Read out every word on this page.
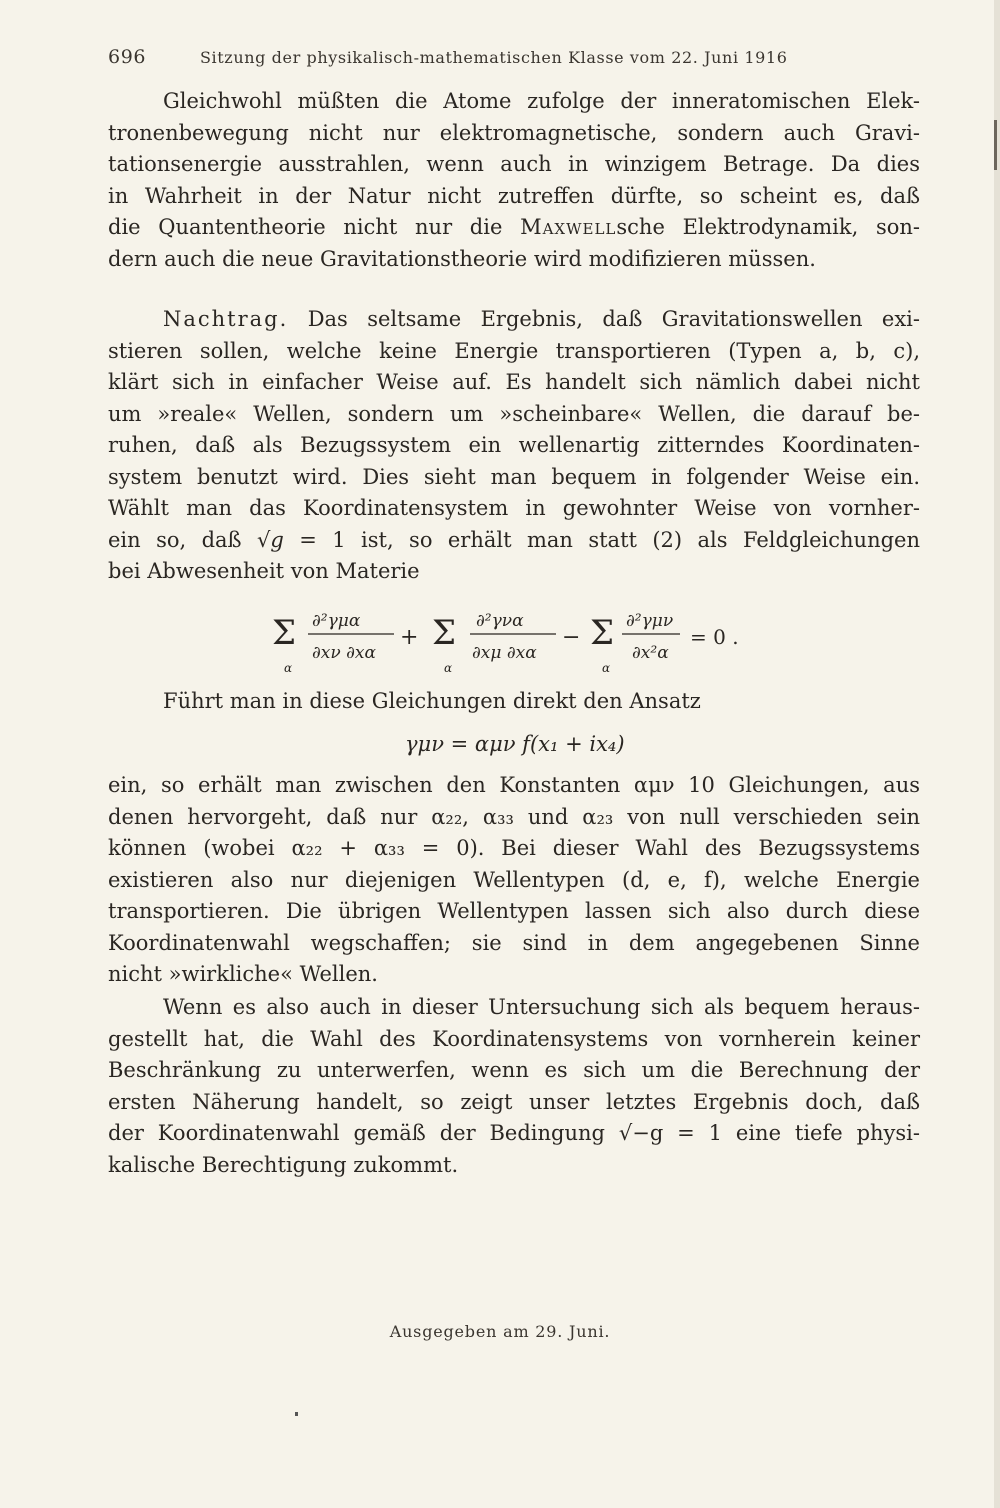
696	Sitzung der physikalisch-mathematischen Klasse vom 22. Juni 1916
Gleichwohl müßten die Atome zufolge der inneratomischen Elek-
tronenbewegung nicht nur elektromagnetische, sondern auch Gravi-
tationsenergie ausstrahlen, wenn auch in winzigem Betrage. Da dies
in Wahrheit in der Natur nicht zutreffen dürfte, so scheint es, daß
die Quantentheorie nicht nur die Maxwellsche Elektrodynamik, son-
dern auch die neue Gravitationstheorie wird modifizieren müssen.
Nachtrag. Das seltsame Ergebnis, daß Gravitationswellen exi-
stieren sollen, welche keine Energie transportieren (Typen a, b, c),
klärt sich in einfacher Weise auf. Es handelt sich nämlich dabei nicht
um »reale« Wellen, sondern um »scheinbare« Wellen, die darauf be-
ruhen, daß als Bezugssystem ein wellenartig zitterndes Koordinaten-
system benutzt wird. Dies sieht man bequem in folgender Weise ein.
Wählt man das Koordinatensystem in gewohnter Weise von vornher-
ein so, daß √g = 1 ist, so erhält man statt (2) als Feldgleichungen
bei Abwesenheit von Materie
Σ
α
∂²γμα
∂xν ∂xα
+ Σ
α
∂²γνα
∂xμ ∂xα
− Σ
α
∂²γμν
∂x²α
= 0 .
Führt man in diese Gleichungen direkt den Ansatz
γμν = αμν f(x₁ + ix₄)
ein, so erhält man zwischen den Konstanten αμν 10 Gleichungen, aus
denen hervorgeht, daß nur α₂₂, α₃₃ und α₂₃ von null verschieden sein
können (wobei α₂₂ + α₃₃ = 0). Bei dieser Wahl des Bezugssystems
existieren also nur diejenigen Wellentypen (d, e, f), welche Energie
transportieren. Die übrigen Wellentypen lassen sich also durch diese
Koordinatenwahl wegschaffen; sie sind in dem angegebenen Sinne
nicht »wirkliche« Wellen.
Wenn es also auch in dieser Untersuchung sich als bequem heraus-
gestellt hat, die Wahl des Koordinatensystems von vornherein keiner
Beschränkung zu unterwerfen, wenn es sich um die Berechnung der
ersten Näherung handelt, so zeigt unser letztes Ergebnis doch, daß
der Koordinatenwahl gemäß der Bedingung √−g = 1 eine tiefe physi-
kalische Berechtigung zukommt.
Ausgegeben am 29. Juni.
